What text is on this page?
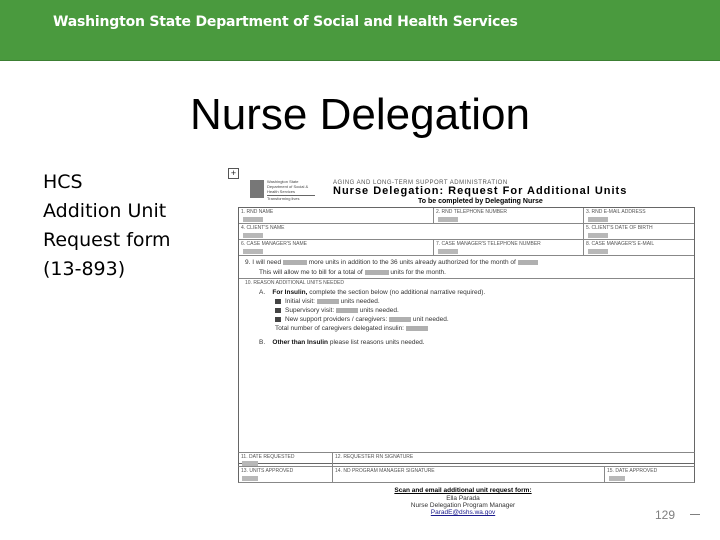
Washington State Department of Social and Health Services
Nurse Delegation
HCS
Addition Unit
Request form
(13-893)
+
Washington State Department of Social & Health Services
Transforming lives
AGING AND LONG-TERM SUPPORT ADMINISTRATION
Nurse Delegation: Request For Additional Units
To be completed by Delegating Nurse
1. RND NAME	2. RND TELEPHONE NUMBER	3. RND E-MAIL ADDRESS
4. CLIENT'S NAME	5. CLIENT'S DATE OF BIRTH
6. CASE MANAGER'S NAME	7. CASE MANAGER'S TELEPHONE NUMBER	8. CASE MANAGER'S E-MAIL
9. I will need	more units in addition to the 36 units already authorized for the month of
This will allow me to bill for a total of	units for the month.
10. REASON ADDITIONAL UNITS NEEDED
A. For Insulin, complete the section below (no additional narrative required).
Initial visit:	units needed.
Supervisory visit:	units needed.
New support providers / caregivers:	unit needed.
Total number of caregivers delegated insulin:
B. Other than Insulin please list reasons units needed.
11. DATE REQUESTED	12. REQUESTER RN SIGNATURE
13. UNITS APPROVED	14. ND PROGRAM MANAGER SIGNATURE	15. DATE APPROVED
Scan and email additional unit request form:
Ella Parada
Nurse Delegation Program Manager
ParadE@dshs.wa.gov	129
